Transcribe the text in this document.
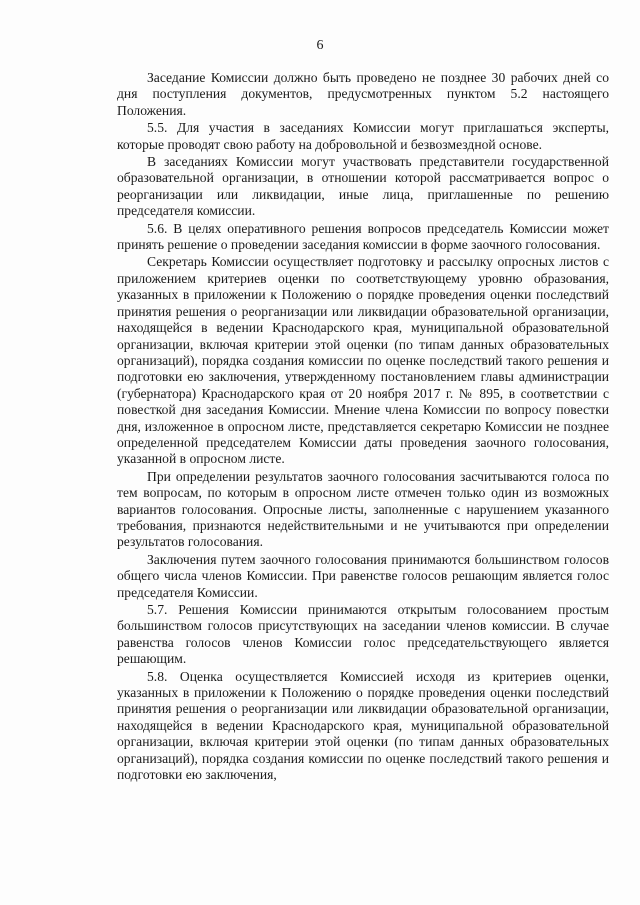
6

Заседание Комиссии должно быть проведено не позднее 30 рабочих дней со дня поступления документов, предусмотренных пунктом 5.2 настоящего Положения.

5.5. Для участия в заседаниях Комиссии могут приглашаться эксперты, которые проводят свою работу на добровольной и безвозмездной основе.

В заседаниях Комиссии могут участвовать представители государственной образовательной организации, в отношении которой рассматривается вопрос о реорганизации или ликвидации, иные лица, приглашенные по решению председателя комиссии.

5.6. В целях оперативного решения вопросов председатель Комиссии может принять решение о проведении заседания комиссии в форме заочного голосования.

Секретарь Комиссии осуществляет подготовку и рассылку опросных листов с приложением критериев оценки по соответствующему уровню образования, указанных в приложении к Положению о порядке проведения оценки последствий принятия решения о реорганизации или ликвидации образовательной организации, находящейся в ведении Краснодарского края, муниципальной образовательной организации, включая критерии этой оценки (по типам данных образовательных организаций), порядка создания комиссии по оценке последствий такого решения и подготовки ею заключения, утвержденному постановлением главы администрации (губернатора) Краснодарского края от 20 ноября 2017 г. № 895, в соответствии с повесткой дня заседания Комиссии. Мнение члена Комиссии по вопросу повестки дня, изложенное в опросном листе, представляется секретарю Комиссии не позднее определенной председателем Комиссии даты проведения заочного голосования, указанной в опросном листе.

При определении результатов заочного голосования засчитываются голоса по тем вопросам, по которым в опросном листе отмечен только один из возможных вариантов голосования. Опросные листы, заполненные с нарушением указанного требования, признаются недействительными и не учитываются при определении результатов голосования.

Заключения путем заочного голосования принимаются большинством голосов общего числа членов Комиссии. При равенстве голосов решающим является голос председателя Комиссии.

5.7. Решения Комиссии принимаются открытым голосованием простым большинством голосов присутствующих на заседании членов комиссии. В случае равенства голосов членов Комиссии голос председательствующего является решающим.

5.8. Оценка осуществляется Комиссией исходя из критериев оценки, указанных в приложении к Положению о порядке проведения оценки последствий принятия решения о реорганизации или ликвидации образовательной организации, находящейся в ведении Краснодарского края, муниципальной образовательной организации, включая критерии этой оценки (по типам данных образовательных организаций), порядка создания комиссии по оценке последствий такого решения и подготовки ею заключения,
